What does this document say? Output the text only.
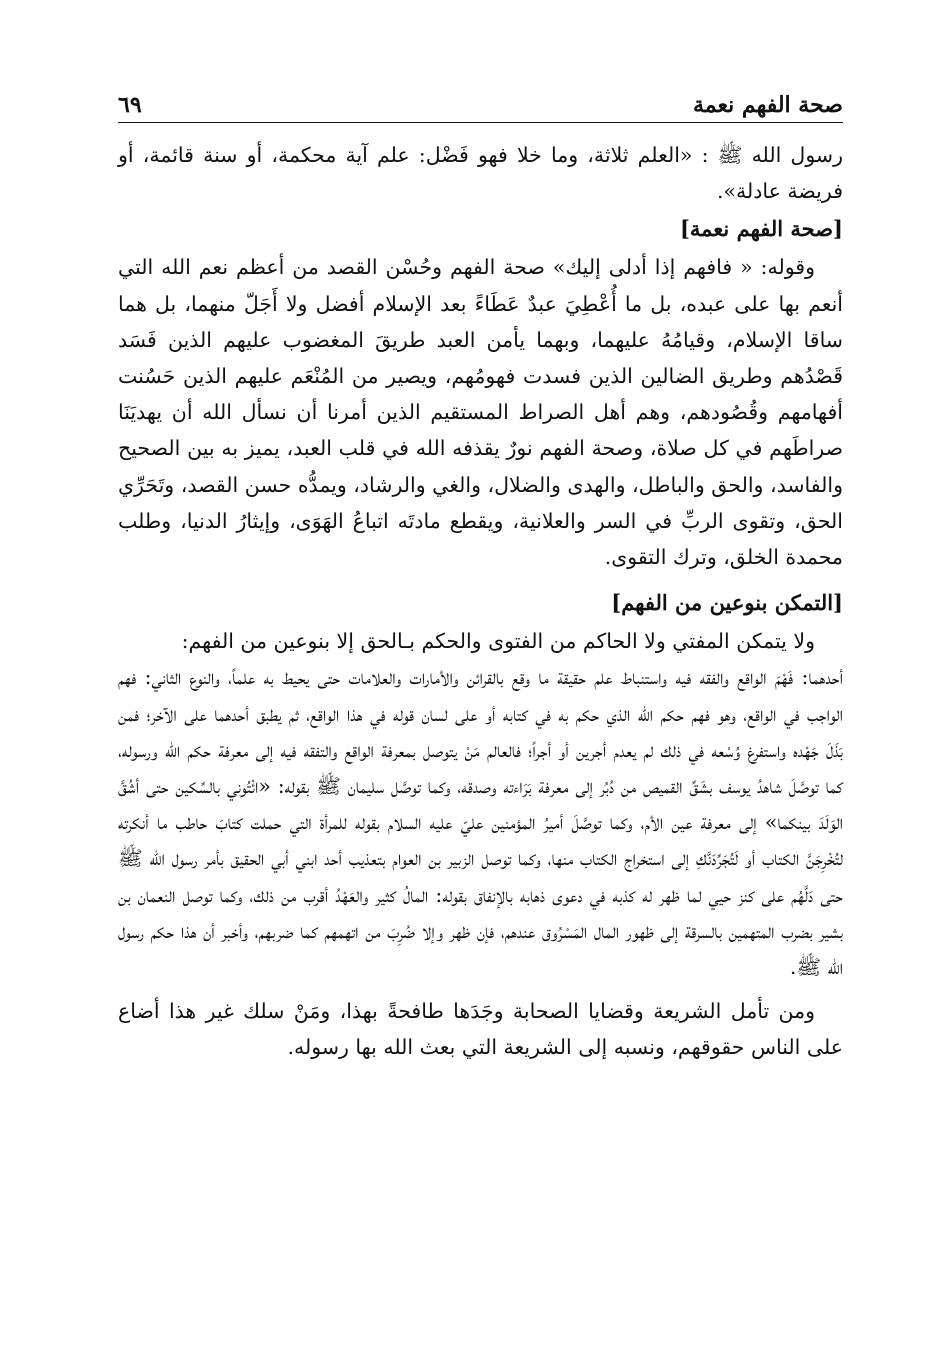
صحة الفهم نعمة
٦٩

رسول الله ﷺ : «العلم ثلاثة، وما خلا فهو فَضْل: علم آية محكمة، أو سنة قائمة، أو فريضة عادلة».

[صحة الفهم نعمة]

وقوله: « فافهم إذا أدلى إليك» صحة الفهم وحُسْن القصد من أعظم نعم الله التي أنعم بها على عبده، بل ما أُعْطِيَ عبدٌ عَطَاءً بعد الإسلام أفضل ولا أَجَلّ منهما، بل هما ساقا الإسلام، وقيامُهُ عليهما، وبهما يأمن العبد طريقَ المغضوب عليهم الذين فَسَد قَصْدُهم وطريق الضالين الذين فسدت فهومُهم، ويصير من المُنْعَم عليهم الذين حَسُنت أفهامهم وقُصُودهم، وهم أهل الصراط المستقيم الذين أمرنا أن نسأل الله أن يهديَنَا صراطَهم في كل صلاة، وصحة الفهم نورٌ يقذفه الله في قلب العبد، يميز به بين الصحيح والفاسد، والحق والباطل، والهدى والضلال، والغي والرشاد، ويمدُّه حسن القصد، وتَحَرِّي الحق، وتقوى الربِّ في السر والعلانية، ويقطع مادتَه اتباعُ الهَوَى، وإيثارُ الدنيا، وطلب محمدة الخلق، وترك التقوى.

[التمكن بنوعين من الفهم]

ولا يتمكن المفتي ولا الحاكم من الفتوى والحكم بـالحق إلا بنوعين من الفهم:

أحدهما: فَهْمَ الواقع والفقه فيه واستنباط علم حقيقة ما وقع بالقرائن والأمارات والعلامات حتى يحيط به علماً، والنوع الثاني: فهم الواجب في الواقع، وهو فهم حكم الله الذي حكم به في كتابه أو على لسان قوله في هذا الواقع، ثم يطبق أحدهما على الآخر؛ فمن بَذَلَ جَهْده واستفرغ وُسْعه في ذلك لم يعدم أجرين أو أجراً؛ فالعالم مَنْ يتوصل بمعرفة الواقع والتفقه فيه إلى معرفة حكم الله ورسوله، كما توصَّلَ شاهدُ يوسف بشَقِّ القميص من دُبُر إلى معرفة بَرَاءته وصدقه، وكما توصَّل سليمان ﷺ بقوله: «ائْتُوني بالسِّكين حتى أشُقَّ الوَلَدَ بينكما» إلى معرفة عين الأم، وكما توصَّلَ أميرُ المؤمنين عليّ عليه السلام بقوله للمرأة التي حملت كتابَ حاطب ما أنكرته لتُخْرِجَنَّ الكتاب أو لَتُجَرِّدَنَّكِ إلى استخراج الكتاب منها، وكما توصل الزبير بن العوام بتعذيب أحد ابني أبي الحقيق بأمر رسول الله ﷺ حتى دَلَّهُم على كنز حيي لما ظهر له كذبه في دعوى ذهابه بالإنفاق بقوله: المالُ كثير والعَهْدُ أقرب من ذلك، وكما توصل النعمان بن بشير بضرب المتهمين بالسرقة إلى ظهور المال المَسْرُوق عندهم، فإن ظهر وإلا ضُرِبَ من اتهمهم كما ضربهم، وأخبر أن هذا حكم رسول الله ﷺ.

ومن تأمل الشريعة وقضايا الصحابة وجَدَها طافحةً بهذا، ومَنْ سلك غير هذا أضاع على الناس حقوقهم، ونسبه إلى الشريعة التي بعث الله بها رسوله.
